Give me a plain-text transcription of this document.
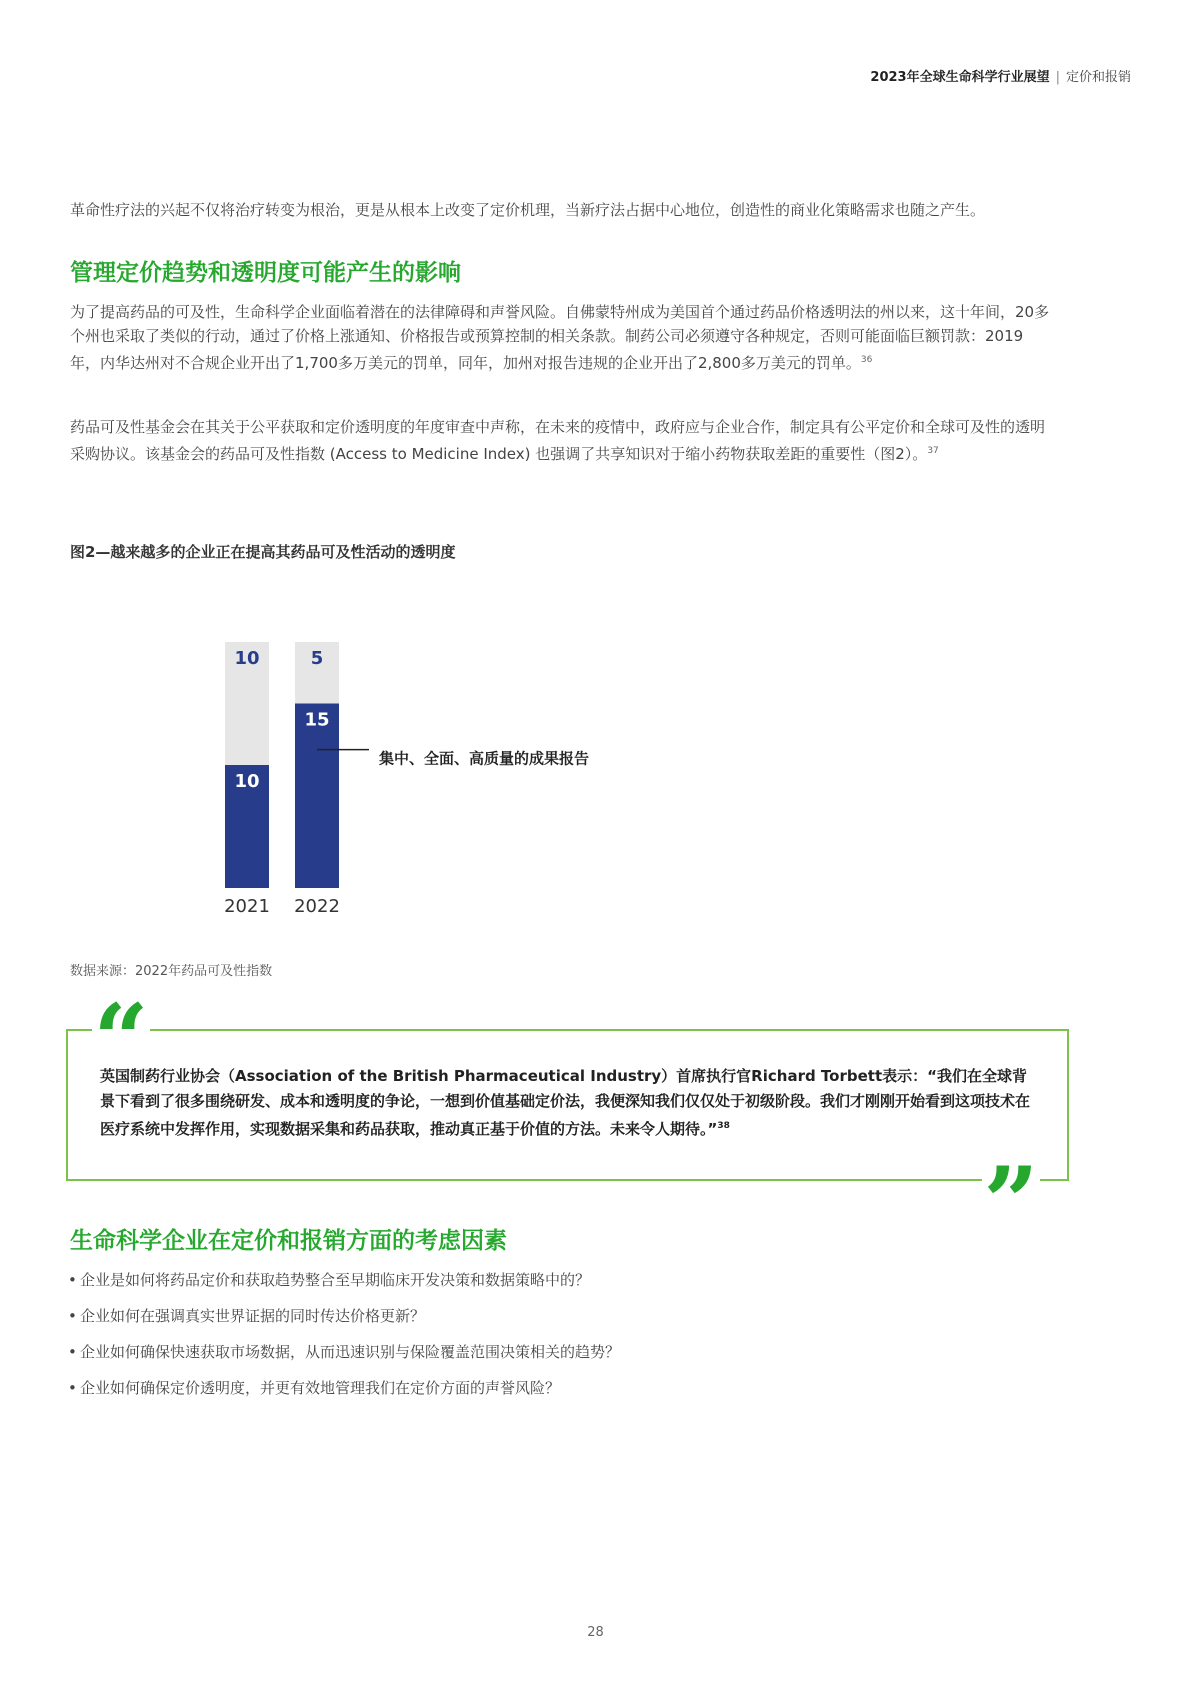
2023年全球生命科学行业展望 | 定价和报销
革命性疗法的兴起不仅将治疗转变为根治，更是从根本上改变了定价机理，当新疗法占据中心地位，创造性的商业化策略需求也随之产生。
管理定价趋势和透明度可能产生的影响
为了提高药品的可及性，生命科学企业面临着潜在的法律障碍和声誉风险。自佛蒙特州成为美国首个通过药品价格透明法的州以来，这十年间，20多个州也采取了类似的行动，通过了价格上涨通知、价格报告或预算控制的相关条款。制药公司必须遵守各种规定，否则可能面临巨额罚款：2019年，内华达州对不合规企业开出了1,700多万美元的罚单，同年，加州对报告违规的企业开出了2,800多万美元的罚单。$^{36}$
药品可及性基金会在其关于公平获取和定价透明度的年度审查中声称，在未来的疫情中，政府应与企业合作，制定具有公平定价和全球可及性的透明采购协议。该基金会的药品可及性指数 (Access to Medicine Index) 也强调了共享知识对于缩小药物获取差距的重要性（图2）。$^{37}$
图2—越来越多的企业正在提高其药品可及性活动的透明度
10
10
2021
15
5
2022
集中、全面、高质量的成果报告
数据来源：2022年药品可及性指数
“
英国制药行业协会（Association of the British Pharmaceutical Industry）首席执行官Richard Torbett表示：“我们在全球背景下看到了很多围绕研发、成本和透明度的争论，一想到价值基础定价法，我便深知我们仅仅处于初级阶段。我们才刚刚开始看到这项技术在医疗系统中发挥作用，实现数据采集和药品获取，推动真正基于价值的方法。未来令人期待。”$^{38}$
”
生命科学企业在定价和报销方面的考虑因素
• 企业是如何将药品定价和获取趋势整合至早期临床开发决策和数据策略中的？
• 企业如何在强调真实世界证据的同时传达价格更新？
• 企业如何确保快速获取市场数据，从而迅速识别与保险覆盖范围决策相关的趋势？
• 企业如何确保定价透明度，并更有效地管理我们在定价方面的声誉风险？
28
